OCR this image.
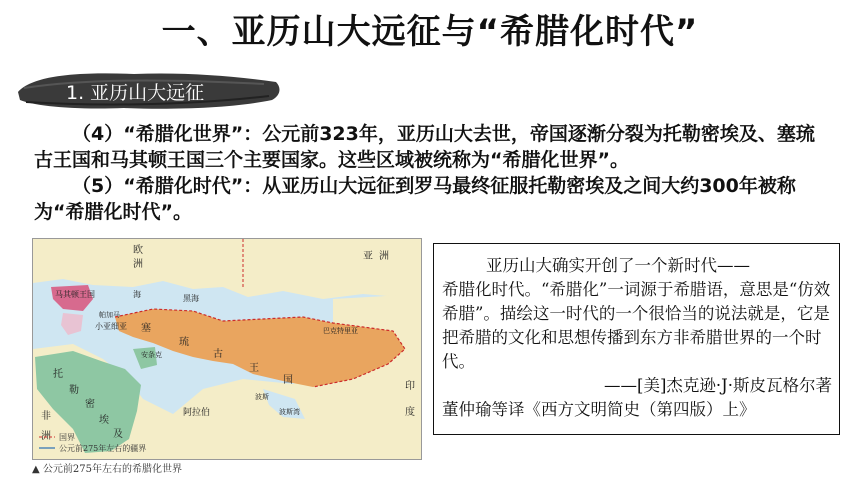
一、亚历山大远征与“希腊化时代”
1. 亚历山大远征

（4）“希腊化世界”：公元前323年，亚历山大去世，帝国逐渐分裂为托勒密埃及、塞琉古王国和马其顿王国三个主要国家。这些区域被统称为“希腊化世界”。

（5）“希腊化时代”：从亚历山大远征到罗马最终征服托勒密埃及之间大约300年被称为“希腊化时代”。

欧
马其顿王国
帕加马
小亚细亚
安条克
塞
琉
古
王
国
巴克特里亚
波斯
阿拉伯
托
勒
密
埃
及
印
度
非
洲
洲
亚 洲
黑海
海
波斯湾
国界
公元前275年左右的疆界
▲ 公元前275年左右的希腊化世界
亚历山大确实开创了一个新时代——
希腊化时代。“希腊化”一词源于希腊语，意思是“仿效希腊”。描绘这一时代的一个很恰当的说法就是，它是把希腊的文化和思想传播到东方非希腊世界的一个时代。
——[美]杰克逊·J·斯皮瓦格尔著
董仲瑜等译《西方文明简史（第四版）上》
